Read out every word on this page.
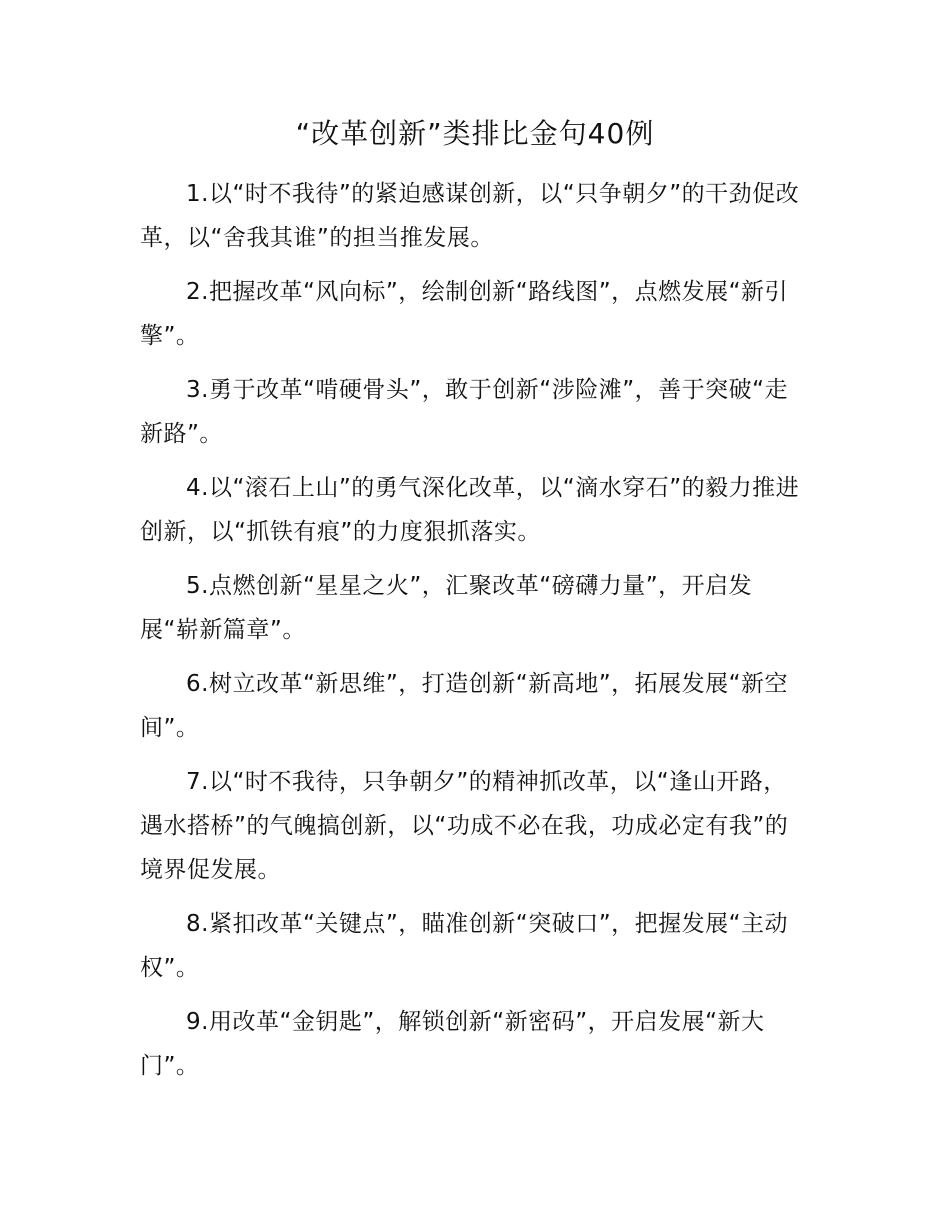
“改革创新”类排比金句40例

1.以“时不我待”的紧迫感谋创新，以“只争朝夕”的干劲促改革，以“舍我其谁”的担当推发展。

2.把握改革“风向标”，绘制创新“路线图”，点燃发展“新引擎”。

3.勇于改革“啃硬骨头”，敢于创新“涉险滩”，善于突破“走新路”。

4.以“滚石上山”的勇气深化改革，以“滴水穿石”的毅力推进创新，以“抓铁有痕”的力度狠抓落实。

5.点燃创新“星星之火”，汇聚改革“磅礴力量”，开启发展“崭新篇章”。

6.树立改革“新思维”，打造创新“新高地”，拓展发展“新空间”。

7.以“时不我待，只争朝夕”的精神抓改革，以“逢山开路，遇水搭桥”的气魄搞创新，以“功成不必在我，功成必定有我”的境界促发展。

8.紧扣改革“关键点”，瞄准创新“突破口”，把握发展“主动权”。

9.用改革“金钥匙”，解锁创新“新密码”，开启发展“新大门”。
